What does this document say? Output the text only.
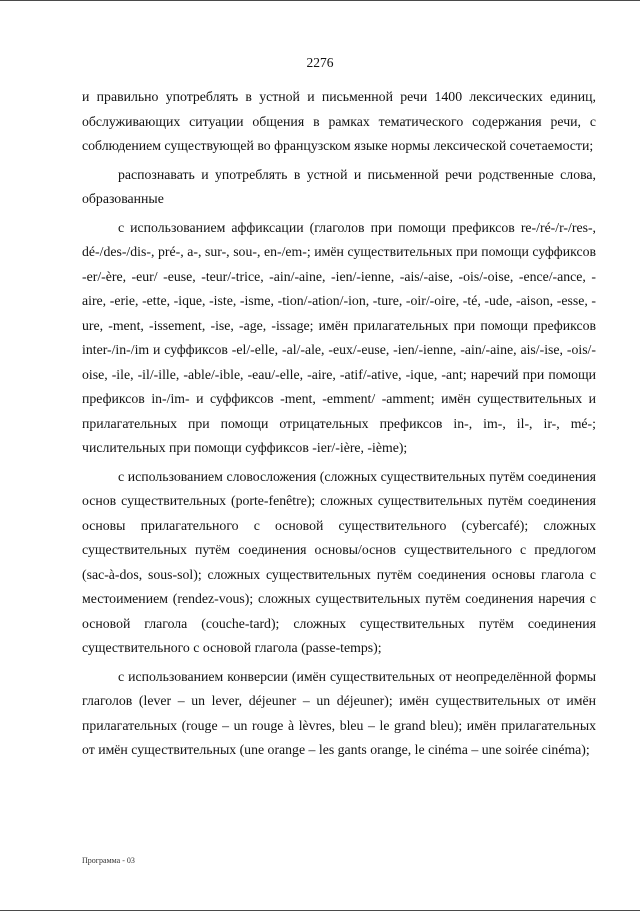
2276

и правильно употреблять в устной и письменной речи 1400 лексических единиц, обслуживающих ситуации общения в рамках тематического содержания речи, с соблюдением существующей во французском языке нормы лексической сочетаемости;

распознавать и употреблять в устной и письменной речи родственные слова, образованные

с использованием аффиксации (глаголов при помощи префиксов re-/ré-/r-/res-, dé-/des-/dis-, pré-, a-, sur-, sou-, en-/em-; имён существительных при помощи суффиксов -er/-ère, -eur/ -euse, -teur/-trice, -ain/-aine, -ien/-ienne, -ais/-aise, -ois/-oise, -ence/-ance, -aire, -erie, -ette, -ique, -iste, -isme, -tion/-ation/-ion, -ture, -oir/-oire, -té, -ude, -aison, -esse, -ure, -ment, -issement, -ise, -age, -issage; имён прилагательных при помощи префиксов inter-/in-/im и суффиксов -el/-elle, -al/-ale, -eux/-euse, -ien/-ienne, -ain/-aine, ais/-ise, -ois/-oise, -ile, -il/-ille, -able/-ible, -eau/-elle, -aire, -atif/-ative, -ique, -ant; наречий при помощи префиксов in-/im- и суффиксов -ment, -emment/ -amment; имён существительных и прилагательных при помощи отрицательных префиксов in-, im-, il-, ir-, mé-; числительных при помощи суффиксов -ier/-ière, -ième);

с использованием словосложения (сложных существительных путём соединения основ существительных (porte-fenêtre); сложных существительных путём соединения основы прилагательного с основой существительного (cybercafé); сложных существительных путём соединения основы/основ существительного с предлогом (sac-à-dos, sous-sol); сложных существительных путём соединения основы глагола с местоимением (rendez-vous); сложных существительных путём соединения наречия с основой глагола (couche-tard); сложных существительных путём соединения существительного с основой глагола (passe-temps);

с использованием конверсии (имён существительных от неопределённой формы глаголов (lever – un lever, déjeuner – un déjeuner); имён существительных от имён прилагательных (rouge – un rouge à lèvres, bleu – le grand bleu); имён прилагательных от имён существительных (une orange – les gants orange, le cinéma – une soirée cinéma);

Программа - 03
